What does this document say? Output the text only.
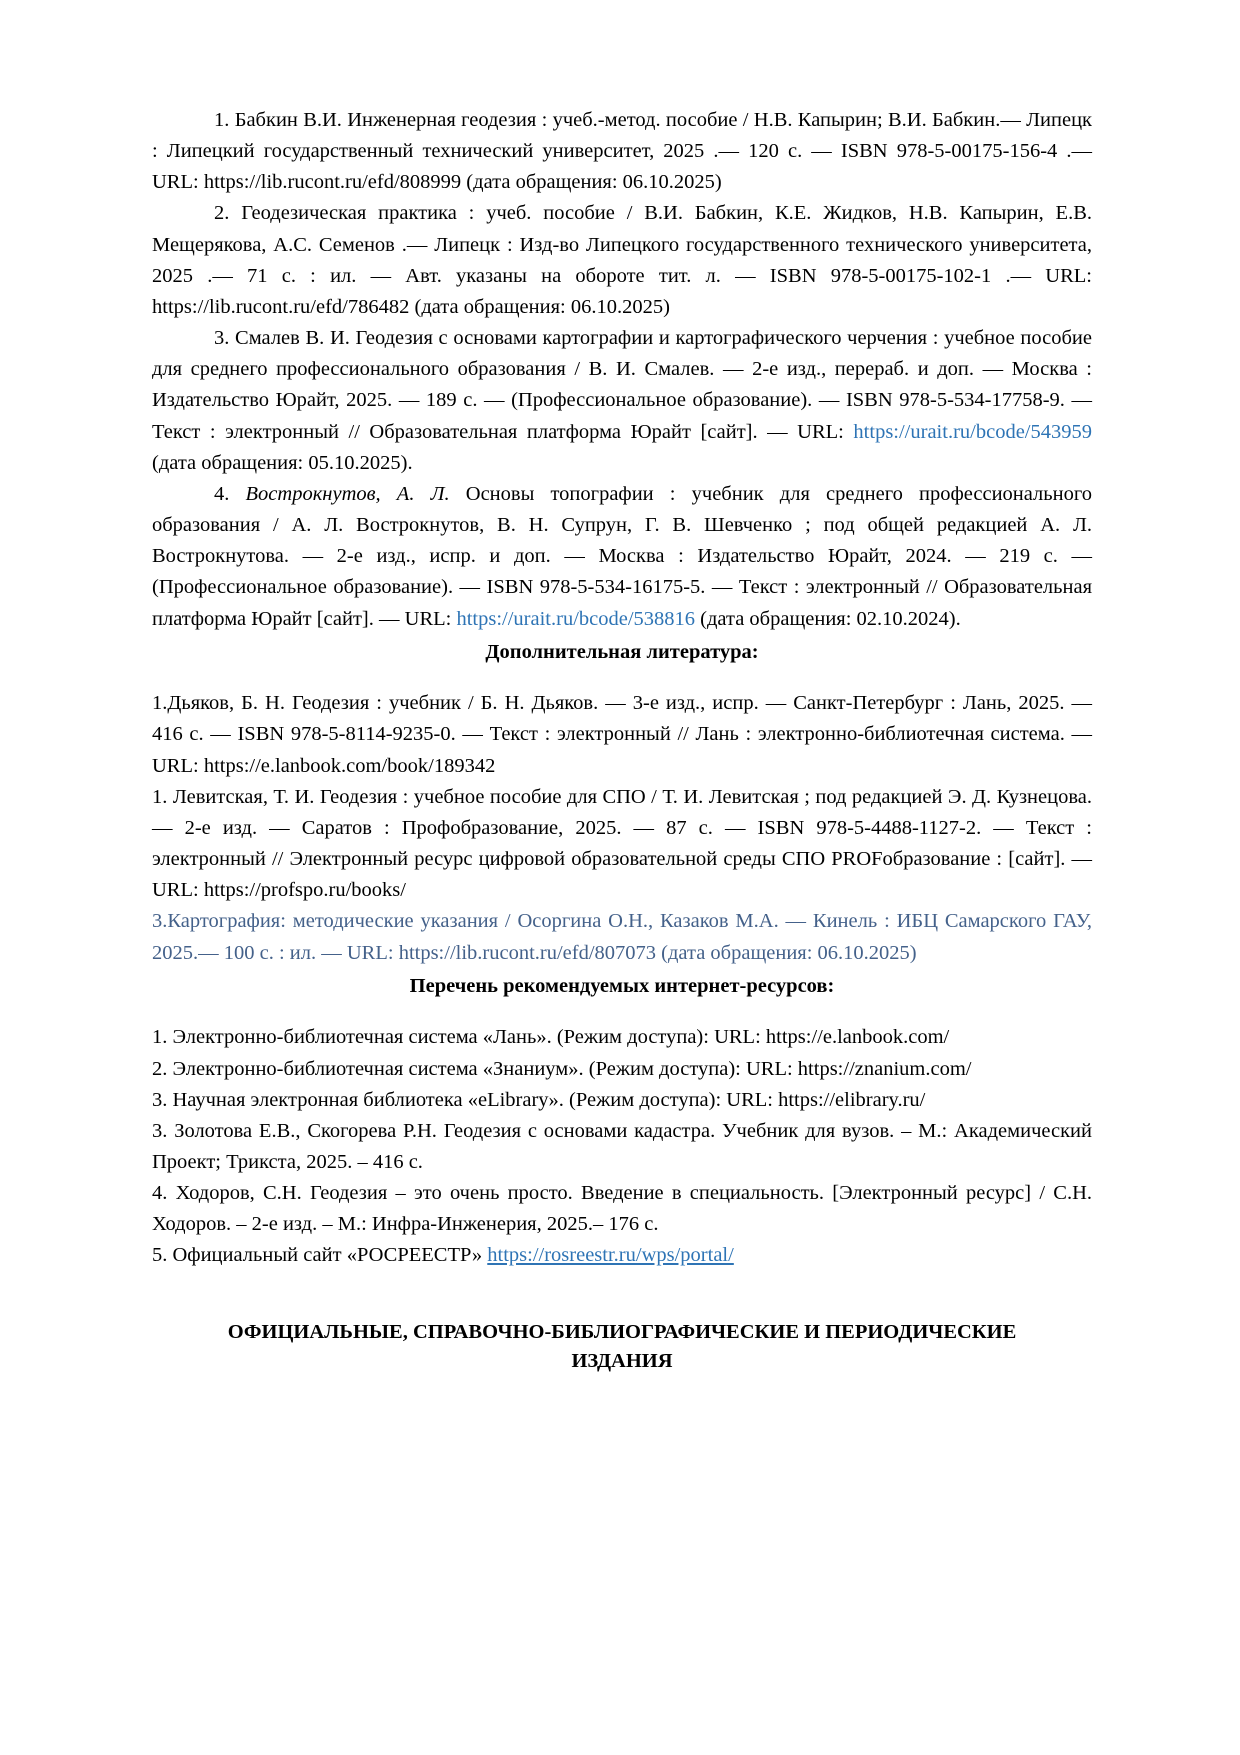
1. Бабкин В.И. Инженерная геодезия : учеб.-метод. пособие / Н.В. Капырин; В.И. Бабкин.— Липецк : Липецкий государственный технический университет, 2025 .— 120 с. — ISBN 978-5-00175-156-4 .— URL: https://lib.rucont.ru/efd/808999 (дата обращения: 06.10.2025)

2. Геодезическая практика : учеб. пособие / В.И. Бабкин, К.Е. Жидков, Н.В. Капырин, Е.В. Мещерякова, А.С. Семенов .— Липецк : Изд-во Липецкого государственного технического университета, 2025 .— 71 с. : ил. — Авт. указаны на обороте тит. л. — ISBN 978-5-00175-102-1 .— URL: https://lib.rucont.ru/efd/786482 (дата обращения: 06.10.2025)

3. Смалев В. И. Геодезия с основами картографии и картографического черчения : учебное пособие для среднего профессионального образования / В. И. Смалев. — 2-е изд., перераб. и доп. — Москва : Издательство Юрайт, 2025. — 189 с. — (Профессиональное образование). — ISBN 978-5-534-17758-9. — Текст : электронный // Образовательная платформа Юрайт [сайт]. — URL: https://urait.ru/bcode/543959 (дата обращения: 05.10.2025).

4. Вострокнутов, А. Л. Основы топографии : учебник для среднего профессионального образования / А. Л. Вострокнутов, В. Н. Супрун, Г. В. Шевченко ; под общей редакцией А. Л. Вострокнутова. — 2-е изд., испр. и доп. — Москва : Издательство Юрайт, 2024. — 219 с. — (Профессиональное образование). — ISBN 978-5-534-16175-5. — Текст : электронный // Образовательная платформа Юрайт [сайт]. — URL: https://urait.ru/bcode/538816 (дата обращения: 02.10.2024).

Дополнительная литература:

1.Дьяков, Б. Н. Геодезия : учебник / Б. Н. Дьяков. — 3-е изд., испр. — Санкт-Петербург : Лань, 2025. — 416 с. — ISBN 978-5-8114-9235-0. — Текст : электронный // Лань : электронно-библиотечная система. — URL: https://e.lanbook.com/book/189342

1. Левитская, Т. И. Геодезия : учебное пособие для СПО / Т. И. Левитская ; под редакцией Э. Д. Кузнецова. — 2-е изд. — Саратов : Профобразование, 2025. — 87 с. — ISBN 978-5-4488-1127-2. — Текст : электронный // Электронный ресурс цифровой образовательной среды СПО PROFобразование : [сайт]. — URL: https://profspo.ru/books/

3.Картография: методические указания / Осоргина О.Н., Казаков М.А. — Кинель : ИБЦ Самарского ГАУ, 2025.— 100 с. : ил. — URL: https://lib.rucont.ru/efd/807073 (дата обращения: 06.10.2025)

Перечень рекомендуемых интернет-ресурсов:

1. Электронно-библиотечная система «Лань». (Режим доступа): URL: https://e.lanbook.com/

2. Электронно-библиотечная система «Знаниум». (Режим доступа): URL: https://znanium.com/

3. Научная электронная библиотека «eLibrary». (Режим доступа): URL: https://elibrary.ru/

3. Золотова Е.В., Скогорева Р.Н. Геодезия с основами кадастра. Учебник для вузов. – М.: Академический Проект; Трикста, 2025. – 416 с.

4. Ходоров, С.Н. Геодезия – это очень просто. Введение в специальность. [Электронный ресурс] / С.Н. Ходоров. – 2-е изд. – М.: Инфра-Инженерия, 2025.– 176 с.

5. Официальный сайт «РОСРЕЕСТР» https://rosreestr.ru/wps/portal/

ОФИЦИАЛЬНЫЕ, СПРАВОЧНО-БИБЛИОГРАФИЧЕСКИЕ И ПЕРИОДИЧЕСКИЕ
ИЗДАНИЯ
